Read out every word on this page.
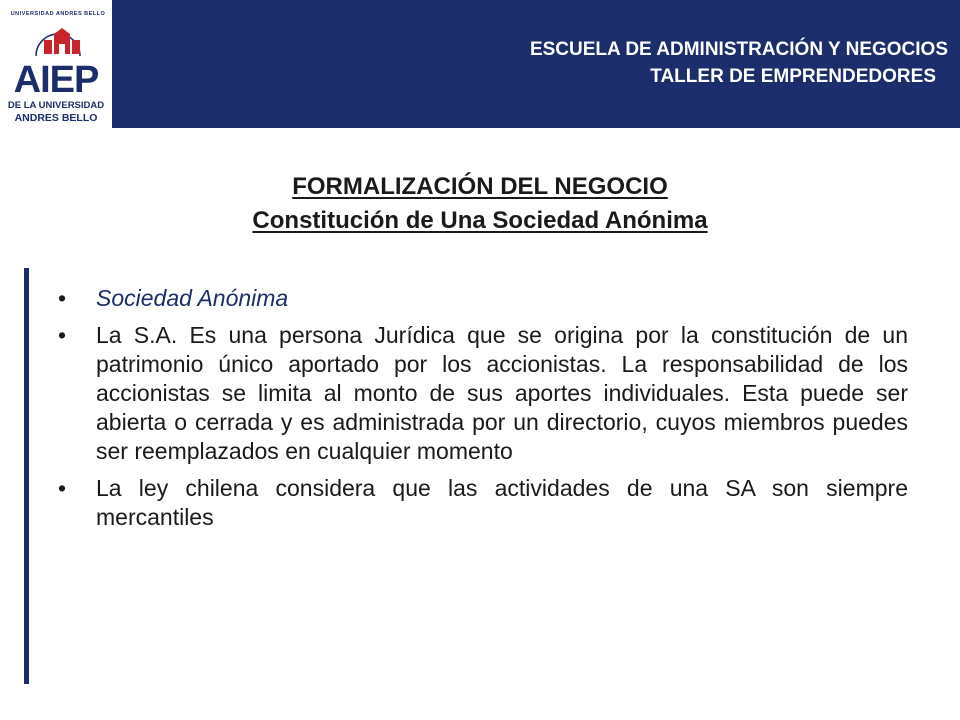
UNIVERSIDAD ANDRES BELLO
AIEP
DE LA UNIVERSIDAD
ANDRES BELLO
ESCUELA DE ADMINISTRACIÓN Y NEGOCIOS
TALLER DE EMPRENDEDORES
FORMALIZACIÓN DEL NEGOCIO
Constitución de Una Sociedad Anónima
• Sociedad Anónima
• La S.A. Es una persona Jurídica que se origina por la constitución de un patrimonio único aportado por los accionistas. La responsabilidad de los accionistas se limita al monto de sus aportes individuales. Esta puede ser abierta o cerrada y es administrada por un directorio, cuyos miembros puedes ser reemplazados en cualquier momento
• La ley chilena considera que las actividades de una SA son siempre mercantiles
